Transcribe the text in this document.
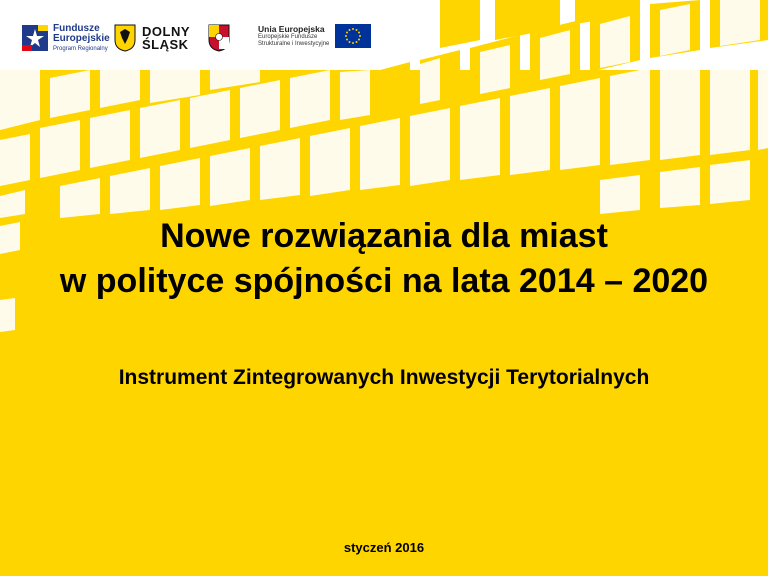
Fundusze
Europejskie
Program Regionalny
DOLNY
ŚLĄSK
Unia Europejska
Europejskie Fundusze
Strukturalne i Inwestycyjne
Nowe rozwiązania dla miast
w polityce spójności na lata 2014 – 2020
Instrument Zintegrowanych Inwestycji Terytorialnych
styczeń 2016
